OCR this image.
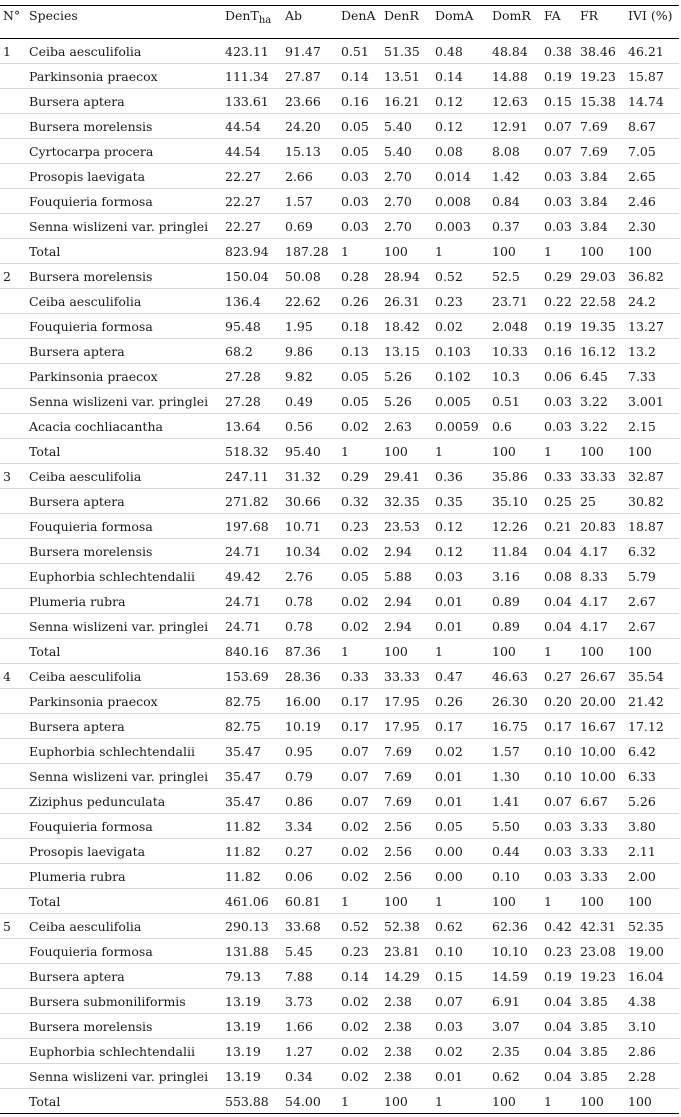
N°	Species	DenT$_{ha}$	Ab	DenA	DenR	DomA	DomR	FA	FR	IVI (%)
1	Ceiba aesculifolia	423.11	91.47	0.51	51.35	0.48	48.84	0.38	38.46	46.21
	Parkinsonia praecox	111.34	27.87	0.14	13.51	0.14	14.88	0.19	19.23	15.87
	Bursera aptera	133.61	23.66	0.16	16.21	0.12	12.63	0.15	15.38	14.74
	Bursera morelensis	44.54	24.20	0.05	5.40	0.12	12.91	0.07	7.69	8.67
	Cyrtocarpa procera	44.54	15.13	0.05	5.40	0.08	8.08	0.07	7.69	7.05
	Prosopis laevigata	22.27	2.66	0.03	2.70	0.014	1.42	0.03	3.84	2.65
	Fouquieria formosa	22.27	1.57	0.03	2.70	0.008	0.84	0.03	3.84	2.46
	Senna wislizeni var. pringlei	22.27	0.69	0.03	2.70	0.003	0.37	0.03	3.84	2.30
	Total	823.94	187.28	1	100	1	100	1	100	100
2	Bursera morelensis	150.04	50.08	0.28	28.94	0.52	52.5	0.29	29.03	36.82
	Ceiba aesculifolia	136.4	22.62	0.26	26.31	0.23	23.71	0.22	22.58	24.2
	Fouquieria formosa	95.48	1.95	0.18	18.42	0.02	2.048	0.19	19.35	13.27
	Bursera aptera	68.2	9.86	0.13	13.15	0.103	10.33	0.16	16.12	13.2
	Parkinsonia praecox	27.28	9.82	0.05	5.26	0.102	10.3	0.06	6.45	7.33
	Senna wislizeni var. pringlei	27.28	0.49	0.05	5.26	0.005	0.51	0.03	3.22	3.001
	Acacia cochliacantha	13.64	0.56	0.02	2.63	0.0059	0.6	0.03	3.22	2.15
	Total	518.32	95.40	1	100	1	100	1	100	100
3	Ceiba aesculifolia	247.11	31.32	0.29	29.41	0.36	35.86	0.33	33.33	32.87
	Bursera aptera	271.82	30.66	0.32	32.35	0.35	35.10	0.25	25	30.82
	Fouquieria formosa	197.68	10.71	0.23	23.53	0.12	12.26	0.21	20.83	18.87
	Bursera morelensis	24.71	10.34	0.02	2.94	0.12	11.84	0.04	4.17	6.32
	Euphorbia schlechtendalii	49.42	2.76	0.05	5.88	0.03	3.16	0.08	8.33	5.79
	Plumeria rubra	24.71	0.78	0.02	2.94	0.01	0.89	0.04	4.17	2.67
	Senna wislizeni var. pringlei	24.71	0.78	0.02	2.94	0.01	0.89	0.04	4.17	2.67
	Total	840.16	87.36	1	100	1	100	1	100	100
4	Ceiba aesculifolia	153.69	28.36	0.33	33.33	0.47	46.63	0.27	26.67	35.54
	Parkinsonia praecox	82.75	16.00	0.17	17.95	0.26	26.30	0.20	20.00	21.42
	Bursera aptera	82.75	10.19	0.17	17.95	0.17	16.75	0.17	16.67	17.12
	Euphorbia schlechtendalii	35.47	0.95	0.07	7.69	0.02	1.57	0.10	10.00	6.42
	Senna wislizeni var. pringlei	35.47	0.79	0.07	7.69	0.01	1.30	0.10	10.00	6.33
	Ziziphus pedunculata	35.47	0.86	0.07	7.69	0.01	1.41	0.07	6.67	5.26
	Fouquieria formosa	11.82	3.34	0.02	2.56	0.05	5.50	0.03	3.33	3.80
	Prosopis laevigata	11.82	0.27	0.02	2.56	0.00	0.44	0.03	3.33	2.11
	Plumeria rubra	11.82	0.06	0.02	2.56	0.00	0.10	0.03	3.33	2.00
	Total	461.06	60.81	1	100	1	100	1	100	100
5	Ceiba aesculifolia	290.13	33.68	0.52	52.38	0.62	62.36	0.42	42.31	52.35
	Fouquieria formosa	131.88	5.45	0.23	23.81	0.10	10.10	0.23	23.08	19.00
	Bursera aptera	79.13	7.88	0.14	14.29	0.15	14.59	0.19	19.23	16.04
	Bursera submoniliformis	13.19	3.73	0.02	2.38	0.07	6.91	0.04	3.85	4.38
	Bursera morelensis	13.19	1.66	0.02	2.38	0.03	3.07	0.04	3.85	3.10
	Euphorbia schlechtendalii	13.19	1.27	0.02	2.38	0.02	2.35	0.04	3.85	2.86
	Senna wislizeni var. pringlei	13.19	0.34	0.02	2.38	0.01	0.62	0.04	3.85	2.28
	Total	553.88	54.00	1	100	1	100	1	100	100
